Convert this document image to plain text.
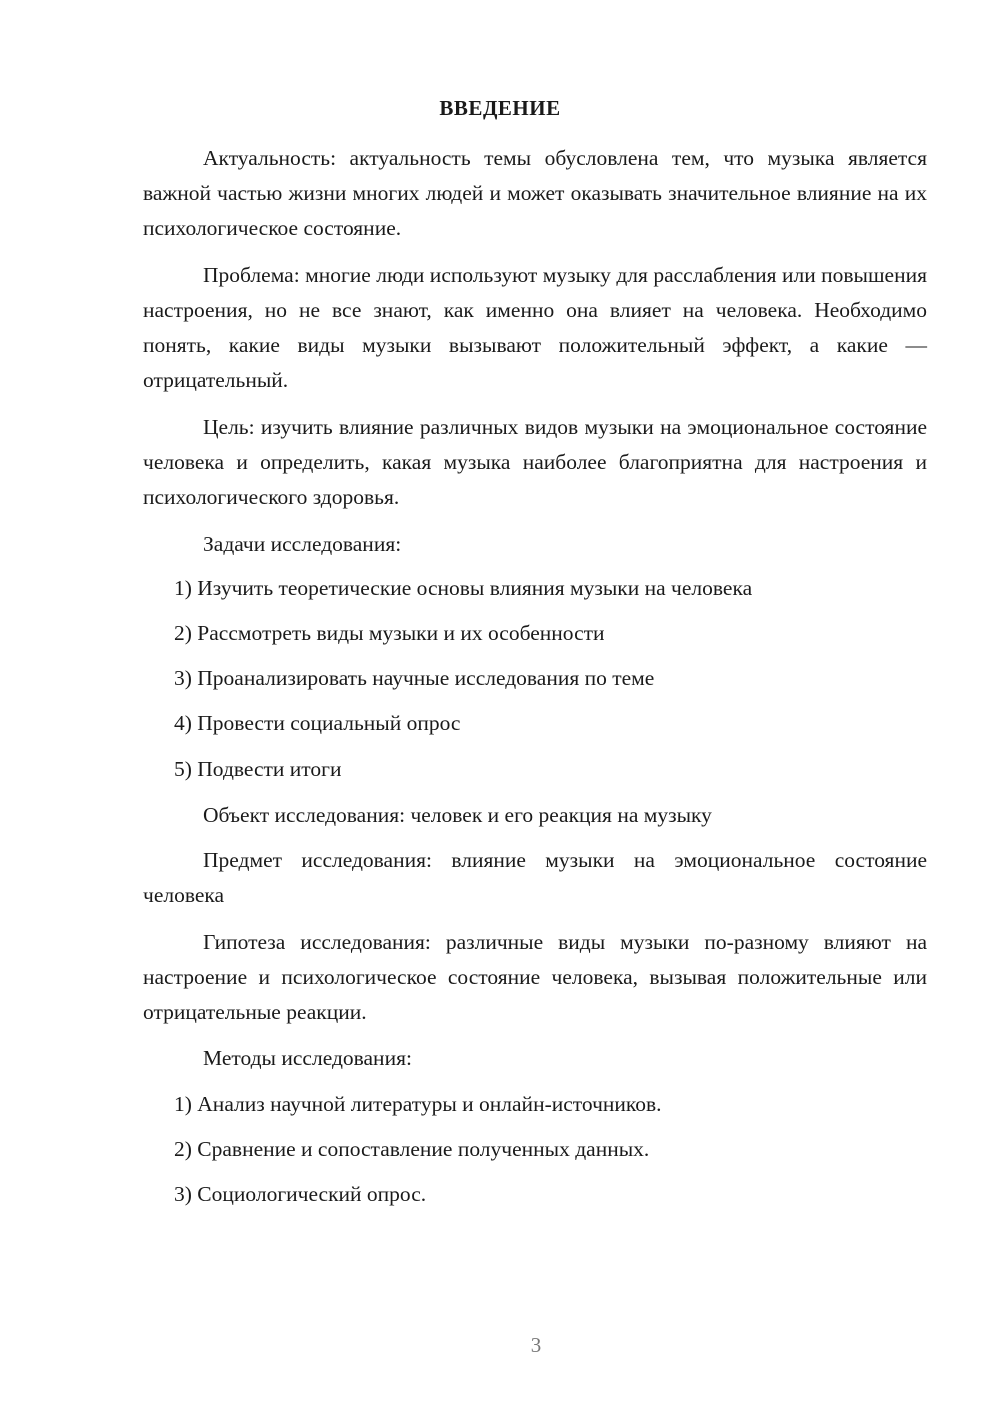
ВВЕДЕНИЕ
Актуальность: актуальность темы обусловлена тем, что музыка является важной частью жизни многих людей и может оказывать значительное влияние на их психологическое состояние.
Проблема: многие люди используют музыку для расслабления или повышения настроения, но не все знают, как именно она влияет на человека. Необходимо понять, какие виды музыки вызывают положительный эффект, а какие — отрицательный.
Цель: изучить влияние различных видов музыки на эмоциональное состояние человека и определить, какая музыка наиболее благоприятна для настроения и психологического здоровья.
Задачи исследования:
1) Изучить теоретические основы влияния музыки на человека
2) Рассмотреть виды музыки и их особенности
3) Проанализировать научные исследования по теме
4) Провести социальный опрос
5) Подвести итоги
Объект исследования: человек и его реакция на музыку
Предмет исследования: влияние музыки на эмоциональное состояние человека
Гипотеза исследования: различные виды музыки по-разному влияют на настроение и психологическое состояние человека, вызывая положительные или отрицательные реакции.
Методы исследования:
1) Анализ научной литературы и онлайн-источников.
2) Сравнение и сопоставление полученных данных.
3) Социологический опрос.
3
